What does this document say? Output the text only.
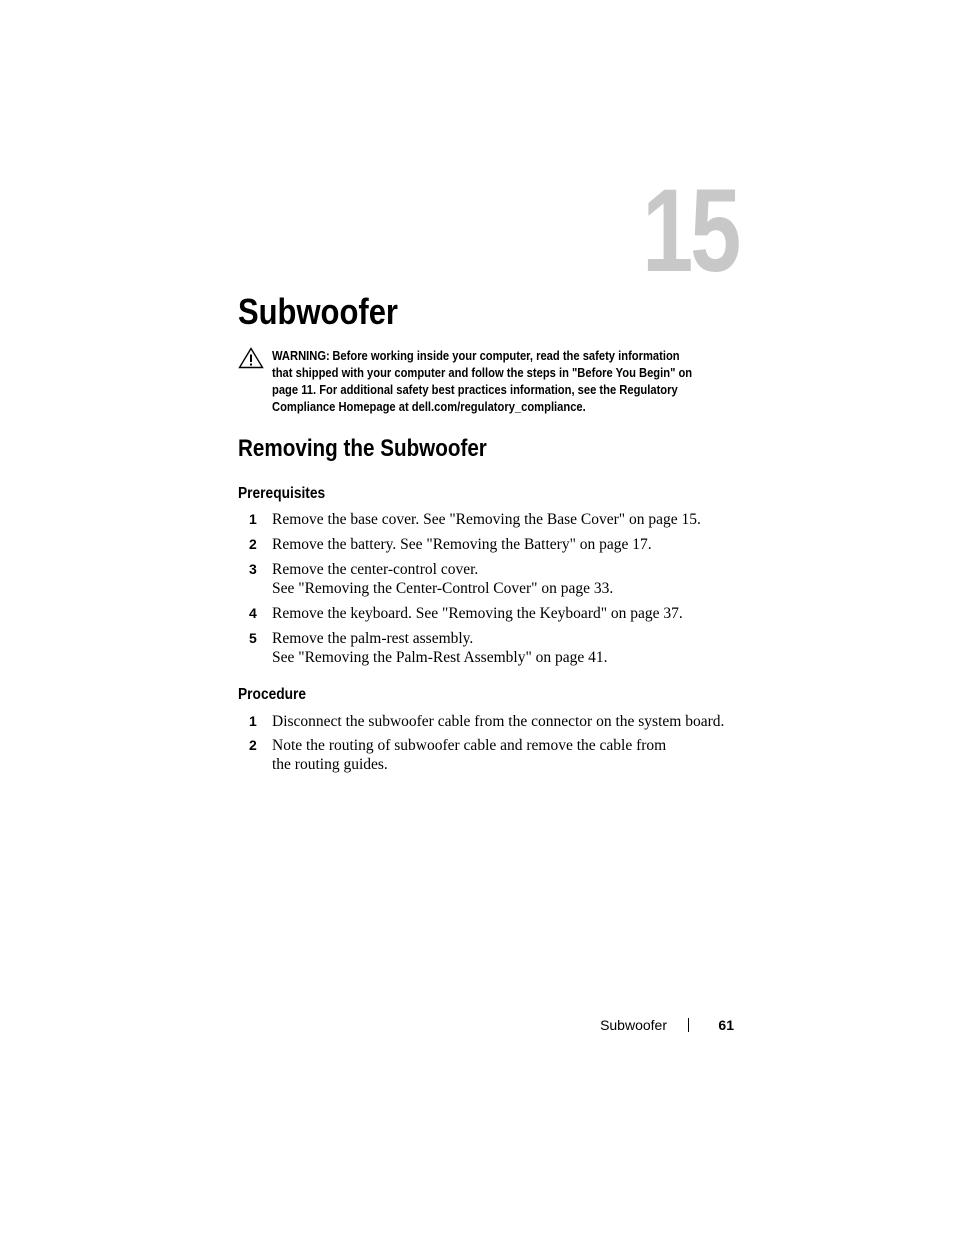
15
Subwoofer
WARNING: Before working inside your computer, read the safety information
that shipped with your computer and follow the steps in "Before You Begin" on
page 11. For additional safety best practices information, see the Regulatory
Compliance Homepage at dell.com/regulatory_compliance.
Removing the Subwoofer
Prerequisites
1 Remove the base cover. See "Removing the Base Cover" on page 15.
2 Remove the battery. See "Removing the Battery" on page 17.
3 Remove the center-control cover.
See "Removing the Center-Control Cover" on page 33.
4 Remove the keyboard. See "Removing the Keyboard" on page 37.
5 Remove the palm-rest assembly.
See "Removing the Palm-Rest Assembly" on page 41.
Procedure
1 Disconnect the subwoofer cable from the connector on the system board.
2 Note the routing of subwoofer cable and remove the cable from
the routing guides.
Subwoofer	61
